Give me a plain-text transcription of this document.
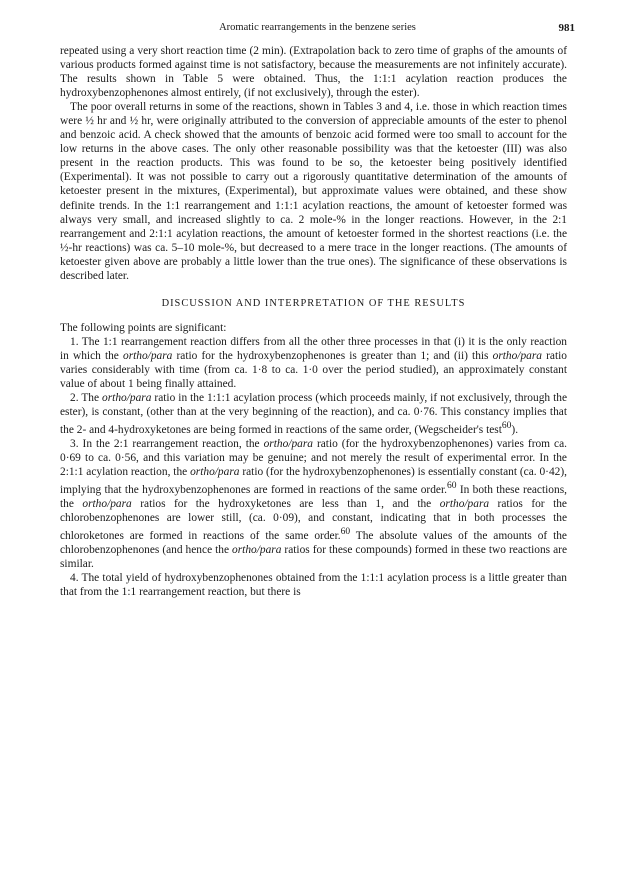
Aromatic rearrangements in the benzene series	981

repeated using a very short reaction time (2 min). (Extrapolation back to zero time of graphs of the amounts of various products formed against time is not satisfactory, because the measurements are not infinitely accurate). The results shown in Table 5 were obtained. Thus, the 1:1:1 acylation reaction produces the hydroxybenzophenones almost entirely, (if not exclusively), through the ester).

The poor overall returns in some of the reactions, shown in Tables 3 and 4, i.e. those in which reaction times were ½ hr and ½ hr, were originally attributed to the conversion of appreciable amounts of the ester to phenol and benzoic acid. A check showed that the amounts of benzoic acid formed were too small to account for the low returns in the above cases. The only other reasonable possibility was that the ketoester (III) was also present in the reaction products. This was found to be so, the ketoester being positively identified (Experimental). It was not possible to carry out a rigorously quantitative determination of the amounts of ketoester present in the mixtures, (Experimental), but approximate values were obtained, and these show definite trends. In the 1:1 rearrangement and 1:1:1 acylation reactions, the amount of ketoester formed was always very small, and increased slightly to ca. 2 mole-% in the longer reactions. However, in the 2:1 rearrangement and 2:1:1 acylation reactions, the amount of ketoester formed in the shortest reactions (i.e. the ½-hr reactions) was ca. 5–10 mole-%, but decreased to a mere trace in the longer reactions. (The amounts of ketoester given above are probably a little lower than the true ones). The significance of these observations is described later.

DISCUSSION AND INTERPRETATION OF THE RESULTS

The following points are significant:

1. The 1:1 rearrangement reaction differs from all the other three processes in that (i) it is the only reaction in which the ortho/para ratio for the hydroxybenzophenones is greater than 1; and (ii) this ortho/para ratio varies considerably with time (from ca. 1·8 to ca. 1·0 over the period studied), an approximately constant value of about 1 being finally attained.

2. The ortho/para ratio in the 1:1:1 acylation process (which proceeds mainly, if not exclusively, through the ester), is constant, (other than at the very beginning of the reaction), and ca. 0·76. This constancy implies that the 2- and 4-hydroxyketones are being formed in reactions of the same order, (Wegscheider's test$^{60}$).

3. In the 2:1 rearrangement reaction, the ortho/para ratio (for the hydroxybenzophenones) varies from ca. 0·69 to ca. 0·56, and this variation may be genuine; and not merely the result of experimental error. In the 2:1:1 acylation reaction, the ortho/para ratio (for the hydroxybenzophenones) is essentially constant (ca. 0·42), implying that the hydroxybenzophenones are formed in reactions of the same order.$^{60}$ In both these reactions, the ortho/para ratios for the hydroxyketones are less than 1, and the ortho/para ratios for the chlorobenzophenones are lower still, (ca. 0·09), and constant, indicating that in both processes the chloroketones are formed in reactions of the same order.$^{60}$ The absolute values of the amounts of the chlorobenzophenones (and hence the ortho/para ratios for these compounds) formed in these two reactions are similar.

4. The total yield of hydroxybenzophenones obtained from the 1:1:1 acylation process is a little greater than that from the 1:1 rearrangement reaction, but there is
